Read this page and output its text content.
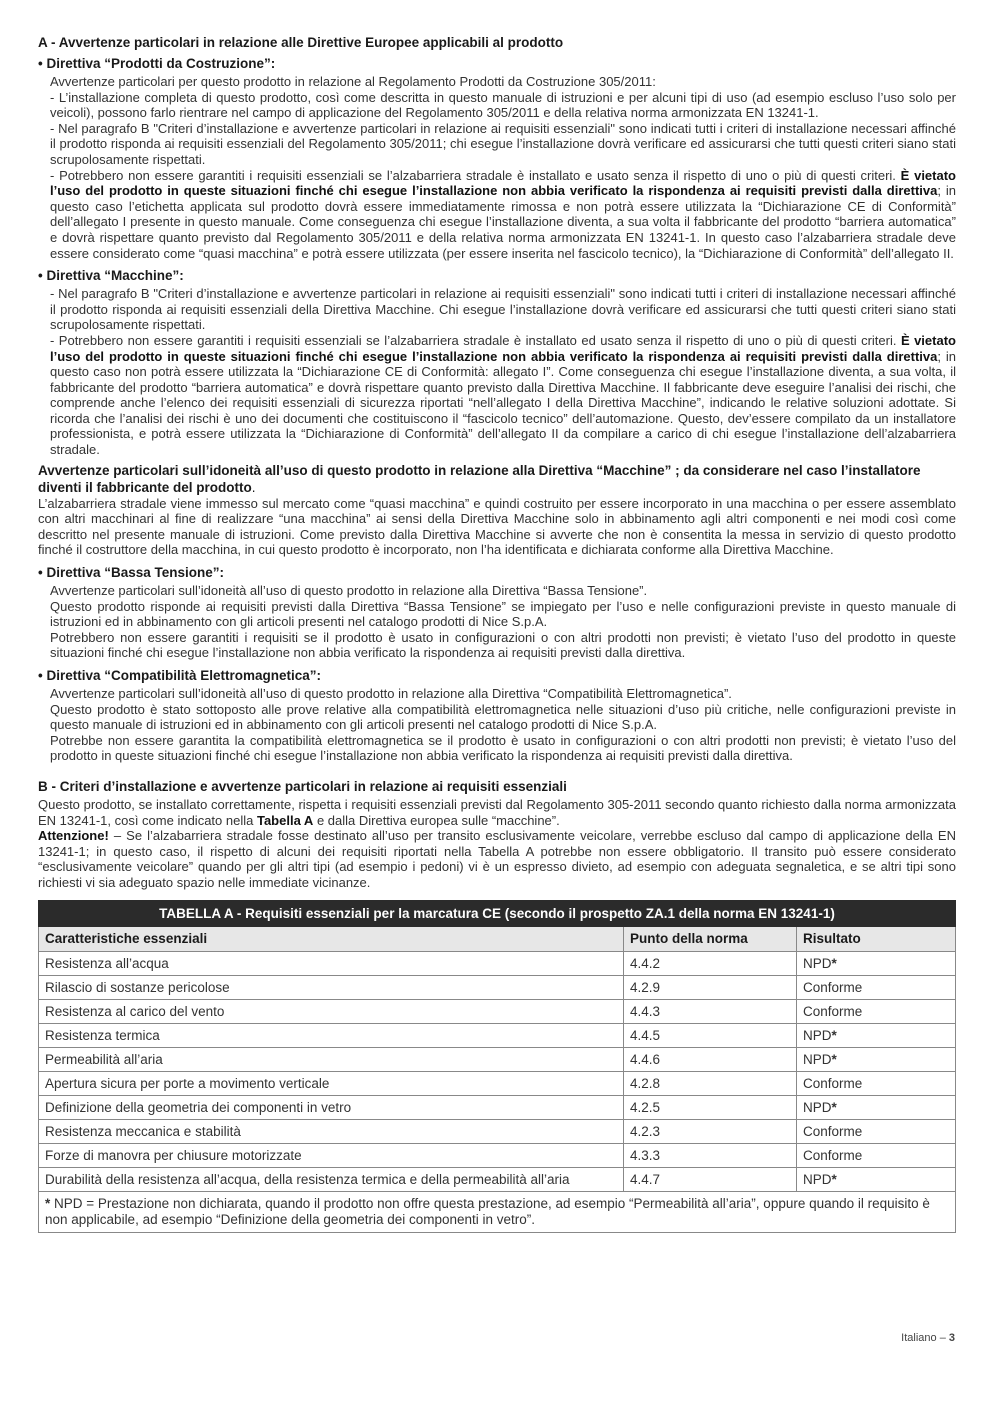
A - Avvertenze particolari in relazione alle Direttive Europee applicabili al prodotto

• Direttiva “Prodotti da Costruzione”:

Avvertenze particolari per questo prodotto in relazione al Regolamento Prodotti da Costruzione 305/2011:

- L’installazione completa di questo prodotto, così come descritta in questo manuale di istruzioni e per alcuni tipi di uso (ad esempio escluso l’uso solo per veicoli), possono farlo rientrare nel campo di applicazione del Regolamento 305/2011 e della relativa norma armonizzata EN 13241-1.

- Nel paragrafo B "Criteri d’installazione e avvertenze particolari in relazione ai requisiti essenziali" sono indicati tutti i criteri di installazione necessari affinché il prodotto risponda ai requisiti essenziali del Regolamento 305/2011; chi esegue l’installazione dovrà verificare ed assicurarsi che tutti questi criteri siano stati scrupolosamente rispettati.

- Potrebbero non essere garantiti i requisiti essenziali se l’alzabarriera stradale è installato e usato senza il rispetto di uno o più di questi criteri. È vietato l’uso del prodotto in queste situazioni finché chi esegue l’installazione non abbia verificato la rispondenza ai requisiti previsti dalla direttiva; in questo caso l’etichetta applicata sul prodotto dovrà essere immediatamente rimossa e non potrà essere utilizzata la “Dichiarazione CE di Conformità” dell’allegato I presente in questo manuale. Come conseguenza chi esegue l’installazione diventa, a sua volta il fabbricante del prodotto “barriera automatica” e dovrà rispettare quanto previsto dal Regolamento 305/2011 e della relativa norma armonizzata EN 13241-1. In questo caso l’alzabarriera stradale deve essere considerato come “quasi macchina” e potrà essere utilizzata (per essere inserita nel fascicolo tecnico), la “Dichiarazione di Conformità” dell’allegato II.

• Direttiva “Macchine”:

- Nel paragrafo B "Criteri d’installazione e avvertenze particolari in relazione ai requisiti essenziali" sono indicati tutti i criteri di installazione necessari affinché il prodotto risponda ai requisiti essenziali della Direttiva Macchine. Chi esegue l’installazione dovrà verificare ed assicurarsi che tutti questi criteri siano stati scrupolosamente rispettati.

- Potrebbero non essere garantiti i requisiti essenziali se l’alzabarriera stradale è installato ed usato senza il rispetto di uno o più di questi criteri. È vietato l’uso del prodotto in queste situazioni finché chi esegue l’installazione non abbia verificato la rispondenza ai requisiti previsti dalla direttiva; in questo caso non potrà essere utilizzata la “Dichiarazione CE di Conformità: allegato I”. Come conseguenza chi esegue l’installazione diventa, a sua volta, il fabbricante del prodotto “barriera automatica” e dovrà rispettare quanto previsto dalla Direttiva Macchine. Il fabbricante deve eseguire l’analisi dei rischi, che comprende anche l’elenco dei requisiti essenziali di sicurezza riportati “nell’allegato I della Direttiva Macchine”, indicando le relative soluzioni adottate. Si ricorda che l’analisi dei rischi è uno dei documenti che costituiscono il “fascicolo tecnico” dell’automazione. Questo, dev’essere compilato da un installatore professionista, e potrà essere utilizzata la “Dichiarazione di Conformità” dell’allegato II da compilare a carico di chi esegue l’installazione dell’alzabarriera stradale.

Avvertenze particolari sull’idoneità all’uso di questo prodotto in relazione alla Direttiva “Macchine” ; da considerare nel caso l’installatore diventi il fabbricante del prodotto.

L’alzabarriera stradale viene immesso sul mercato come “quasi macchina” e quindi costruito per essere incorporato in una macchina o per essere assemblato con altri macchinari al fine di realizzare “una macchina” ai sensi della Direttiva Macchine solo in abbinamento agli altri componenti e nei modi così come descritto nel presente manuale di istruzioni. Come previsto dalla Direttiva Macchine si avverte che non è consentita la messa in servizio di questo prodotto finché il costruttore della macchina, in cui questo prodotto è incorporato, non l’ha identificata e dichiarata conforme alla Direttiva Macchine.

• Direttiva “Bassa Tensione”:

Avvertenze particolari sull’idoneità all’uso di questo prodotto in relazione alla Direttiva “Bassa Tensione”.

Questo prodotto risponde ai requisiti previsti dalla Direttiva “Bassa Tensione” se impiegato per l’uso e nelle configurazioni previste in questo manuale di istruzioni ed in abbinamento con gli articoli presenti nel catalogo prodotti di Nice S.p.A.

Potrebbero non essere garantiti i requisiti se il prodotto è usato in configurazioni o con altri prodotti non previsti; è vietato l’uso del prodotto in queste situazioni finché chi esegue l’installazione non abbia verificato la rispondenza ai requisiti previsti dalla direttiva.

• Direttiva “Compatibilità Elettromagnetica”:

Avvertenze particolari sull’idoneità all’uso di questo prodotto in relazione alla Direttiva “Compatibilità Elettromagnetica”.

Questo prodotto è stato sottoposto alle prove relative alla compatibilità elettromagnetica nelle situazioni d’uso più critiche, nelle configurazioni previste in questo manuale di istruzioni ed in abbinamento con gli articoli presenti nel catalogo prodotti di Nice S.p.A.

Potrebbe non essere garantita la compatibilità elettromagnetica se il prodotto è usato in configurazioni o con altri prodotti non previsti; è vietato l’uso del prodotto in queste situazioni finché chi esegue l’installazione non abbia verificato la rispondenza ai requisiti previsti dalla direttiva.

B - Criteri d’installazione e avvertenze particolari in relazione ai requisiti essenziali

Questo prodotto, se installato correttamente, rispetta i requisiti essenziali previsti dal Regolamento 305-2011 secondo quanto richiesto dalla norma armonizzata EN 13241-1, così come indicato nella Tabella A e dalla Direttiva europea sulle “macchine”.

Attenzione! – Se l’alzabarriera stradale fosse destinato all’uso per transito esclusivamente veicolare, verrebbe escluso dal campo di applicazione della EN 13241-1; in questo caso, il rispetto di alcuni dei requisiti riportati nella Tabella A potrebbe non essere obbligatorio. Il transito può essere considerato “esclusivamente veicolare” quando per gli altri tipi (ad esempio i pedoni) vi è un espresso divieto, ad esempio con adeguata segnaletica, e se altri tipi sono richiesti vi sia adeguato spazio nelle immediate vicinanze.

TABELLA A - Requisiti essenziali per la marcatura CE (secondo il prospetto ZA.1 della norma EN 13241-1)		
Caratteristiche essenziali	Punto della norma	Risultato
Resistenza all’acqua	4.4.2	NPD*
Rilascio di sostanze pericolose	4.2.9	Conforme
Resistenza al carico del vento	4.4.3	Conforme
Resistenza termica	4.4.5	NPD*
Permeabilità all’aria	4.4.6	NPD*
Apertura sicura per porte a movimento verticale	4.2.8	Conforme
Definizione della geometria dei componenti in vetro	4.2.5	NPD*
Resistenza meccanica e stabilità	4.2.3	Conforme
Forze di manovra per chiusure motorizzate	4.3.3	Conforme
Durabilità della resistenza all’acqua, della resistenza termica e della permeabilità all’aria	4.4.7	NPD*
* NPD = Prestazione non dichiarata, quando il prodotto non offre questa prestazione, ad esempio “Permeabilità all’aria”, oppure quando il requisito è non applicabile, ad esempio “Definizione della geometria dei componenti in vetro”.		
Italiano – 3
